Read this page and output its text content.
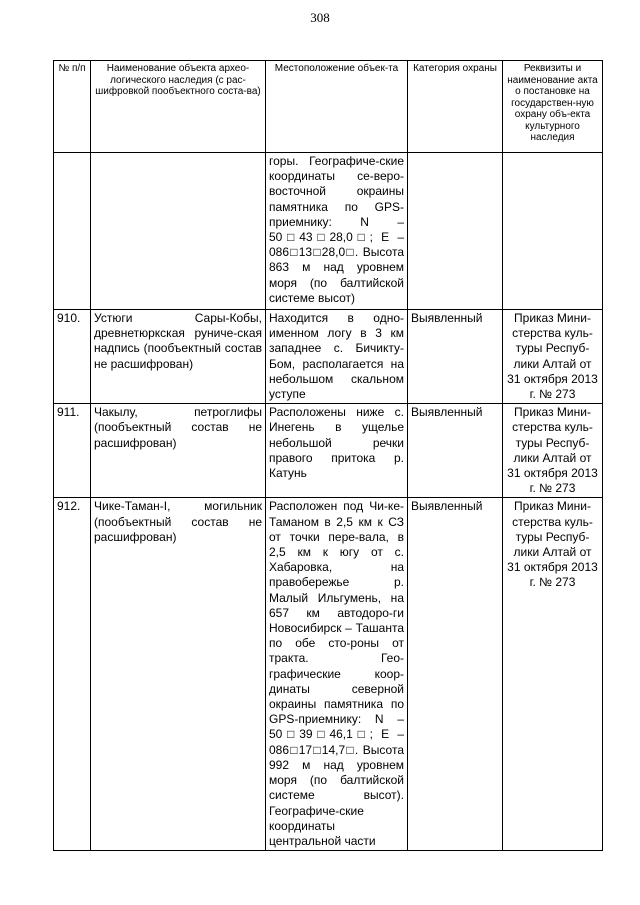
308
№ п/п	Наименование объекта архео-логического наследия (с рас-шифровкой пообъектного соста-ва)	Местоположение объек-та	Категория охраны	Реквизиты и наименование акта о постановке на государствен-ную охрану объ-екта культурного наследия
		горы. Географиче-ские координаты се-веро-восточной окраины памятника по GPS-приемнику: N – 50□43□28,0□; E – 086□13□28,0□. Высота 863 м над уровнем моря (по балтийской системе высот)		
910.	Устюги Сары-Кобы, древнетюркская руниче-ская надпись (пообъектный состав не расшифрован)	Находится в одно-именном логу в 3 км западнее с. Бичикту-Бом, располагается на небольшом скальном уступе	Выявленный	Приказ Мини-стерства куль-туры Респуб-лики Алтай от 31 октября 2013 г. № 273
911.	Чакылу, петроглифы (пообъектный состав не расшифрован)	Расположены ниже с. Инегень в ущелье небольшой речки правого притока р. Катунь	Выявленный	Приказ Мини-стерства куль-туры Респуб-лики Алтай от 31 октября 2013 г. № 273
912.	Чике-Таман-I, могильник (пообъектный состав не расшифрован)	Расположен под Чи-ке-Таманом в 2,5 км к СЗ от точки пере-вала, в 2,5 км к югу от с. Хабаровка, на правобережье р. Малый Ильгумень, на 657 км автодоро-ги Новосибирск – Ташанта по обе сто-роны от тракта. Гео-графические коор-динаты северной окраины памятника по GPS-приемнику: N – 50□39□46,1□; E – 086□17□14,7□. Высота 992 м над уровнем моря (по балтийской системе высот). Географиче-ские координаты центральной части	Выявленный	Приказ Мини-стерства куль-туры Респуб-лики Алтай от 31 октября 2013 г. № 273
